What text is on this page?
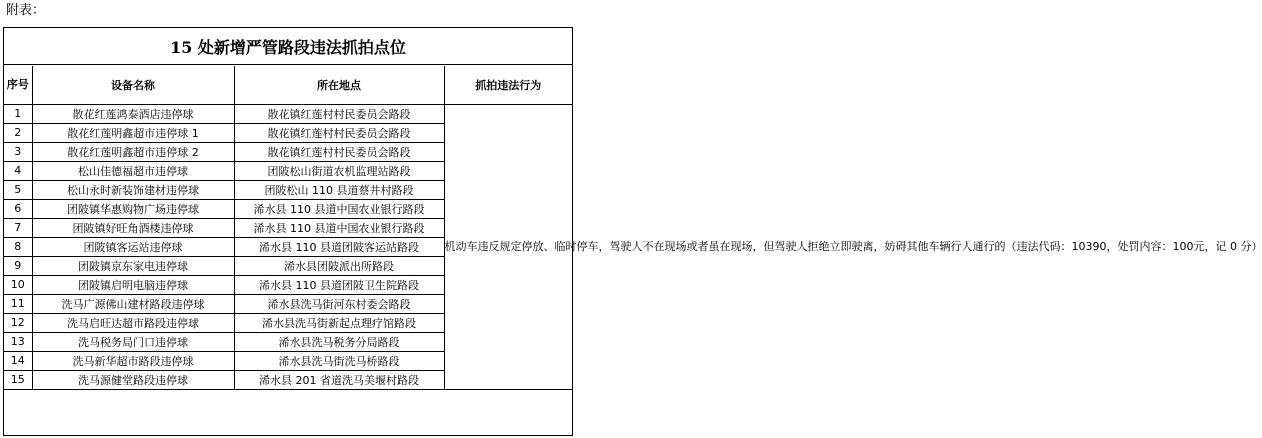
附表：
15 处新增严管路段违法抓拍点位
序号	设备名称	所在地点	抓拍违法行为
1	散花红莲鸿泰酒店违停球	散花镇红莲村村民委员会路段	机动车违反规定停放、临时停车，驾驶人不在现场或者虽在现场，但驾驶人拒绝立即驶离，妨碍其他车辆行人通行的（违法代码：10390，处罚内容：100元，记 0 分）
2	散花红莲明鑫超市违停球 1	散花镇红莲村村民委员会路段	
3	散花红莲明鑫超市违停球 2	散花镇红莲村村民委员会路段	
4	松山佳德福超市违停球	团陂松山街道农机监理站路段	
5	松山永时新装饰建材违停球	团陂松山 110 县道蔡井村路段	
6	团陂镇华惠购物广场违停球	浠水县 110 县道中国农业银行路段	
7	团陂镇好旺角酒楼违停球	浠水县 110 县道中国农业银行路段	
8	团陂镇客运站违停球	浠水县 110 县道团陂客运站路段	
9	团陂镇京东家电违停球	浠水县团陂派出所路段	
10	团陂镇启明电脑违停球	浠水县 110 县道团陂卫生院路段	
11	洗马广源佛山建材路段违停球	浠水县洗马街河东村委会路段	
12	洗马启旺达超市路段违停球	浠水县洗马街新起点理疗馆路段	
13	洗马税务局门口违停球	浠水县洗马税务分局路段	
14	洗马新华超市路段违停球	浠水县洗马街洗马桥路段	
15	洗马源健堂路段违停球	浠水县 201 省道洗马美堰村路段	
